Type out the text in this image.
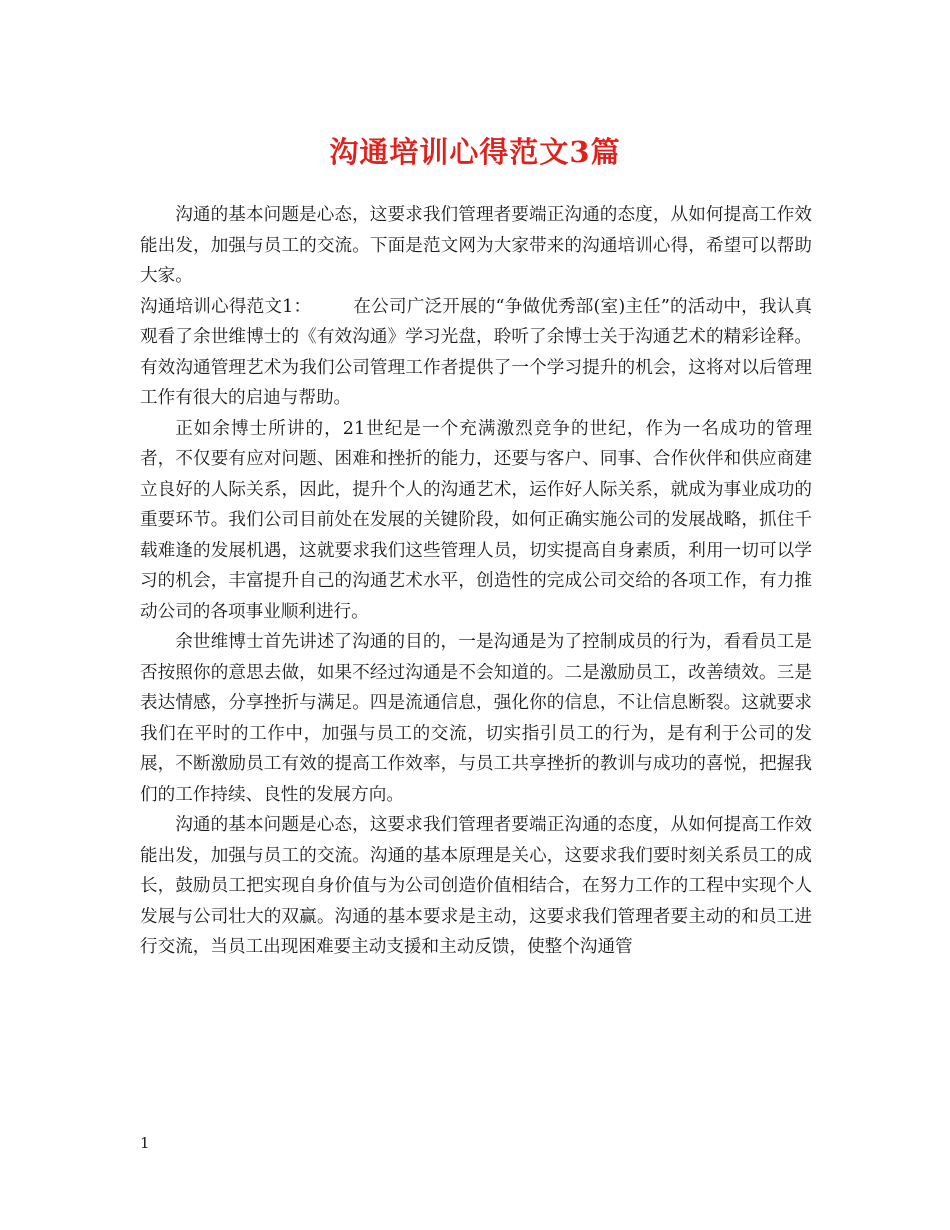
沟通培训心得范文3篇

沟通的基本问题是心态，这要求我们管理者要端正沟通的态度，从如何提高工作效能出发，加强与员工的交流。下面是范文网为大家带来的沟通培训心得，希望可以帮助大家。

沟通培训心得范文1： 在公司广泛开展的“争做优秀部(室)主任”的活动中，我认真观看了余世维博士的《有效沟通》学习光盘，聆听了余博士关于沟通艺术的精彩诠释。有效沟通管理艺术为我们公司管理工作者提供了一个学习提升的机会，这将对以后管理工作有很大的启迪与帮助。

正如余博士所讲的，21世纪是一个充满激烈竞争的世纪，作为一名成功的管理者，不仅要有应对问题、困难和挫折的能力，还要与客户、同事、合作伙伴和供应商建立良好的人际关系，因此，提升个人的沟通艺术，运作好人际关系，就成为事业成功的重要环节。我们公司目前处在发展的关键阶段，如何正确实施公司的发展战略，抓住千载难逢的发展机遇，这就要求我们这些管理人员，切实提高自身素质，利用一切可以学习的机会，丰富提升自己的沟通艺术水平，创造性的完成公司交给的各项工作，有力推动公司的各项事业顺利进行。

余世维博士首先讲述了沟通的目的，一是沟通是为了控制成员的行为，看看员工是否按照你的意思去做，如果不经过沟通是不会知道的。二是激励员工，改善绩效。三是表达情感，分享挫折与满足。四是流通信息，强化你的信息，不让信息断裂。这就要求我们在平时的工作中，加强与员工的交流，切实指引员工的行为，是有利于公司的发展，不断激励员工有效的提高工作效率，与员工共享挫折的教训与成功的喜悦，把握我们的工作持续、良性的发展方向。

沟通的基本问题是心态，这要求我们管理者要端正沟通的态度，从如何提高工作效能出发，加强与员工的交流。沟通的基本原理是关心，这要求我们要时刻关系员工的成长，鼓励员工把实现自身价值与为公司创造价值相结合，在努力工作的工程中实现个人发展与公司壮大的双赢。沟通的基本要求是主动，这要求我们管理者要主动的和员工进行交流，当员工出现困难要主动支援和主动反馈，使整个沟通管

1
